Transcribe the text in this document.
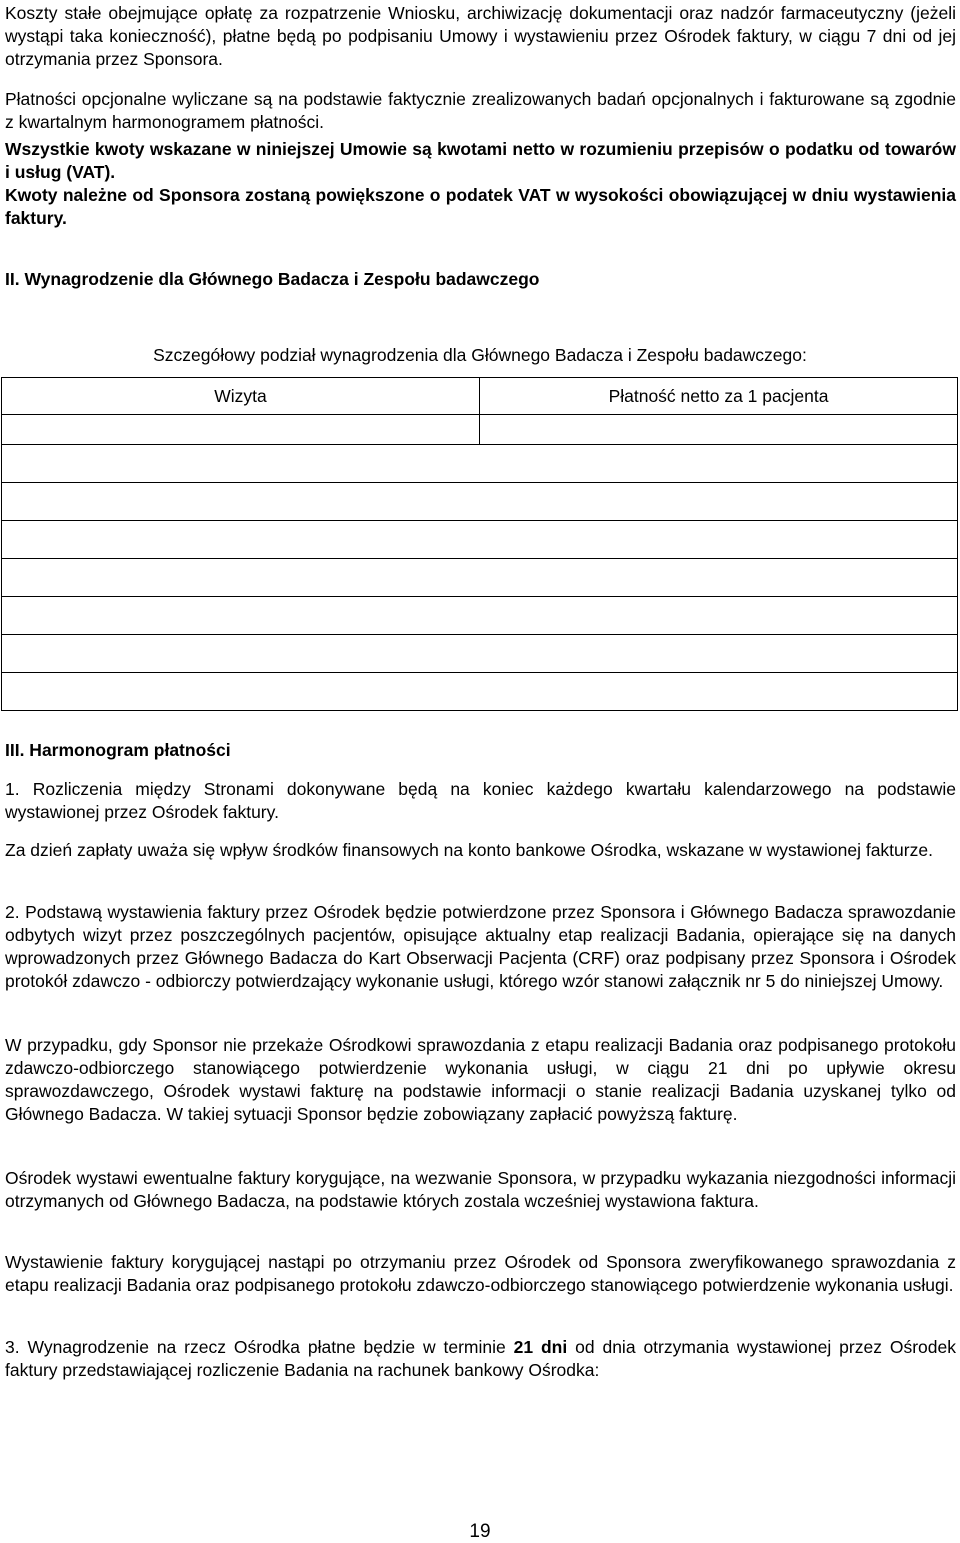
Koszty stałe obejmujące opłatę za rozpatrzenie Wniosku, archiwizację dokumentacji oraz nadzór farmaceutyczny (jeżeli wystąpi taka konieczność), płatne będą po podpisaniu Umowy i wystawieniu przez Ośrodek faktury, w ciągu 7 dni od jej otrzymania przez Sponsora.

Płatności opcjonalne wyliczane są na podstawie faktycznie zrealizowanych badań opcjonalnych i fakturowane są zgodnie z kwartalnym harmonogramem płatności.

Wszystkie kwoty wskazane w niniejszej Umowie są kwotami netto w rozumieniu przepisów o podatku od towarów i usług (VAT).

Kwoty należne od Sponsora zostaną powiększone o podatek VAT w wysokości obowiązującej w dniu wystawienia faktury.

II. Wynagrodzenie dla Głównego Badacza i Zespołu badawczego

Szczegółowy podział wynagrodzenia dla Głównego Badacza i Zespołu badawczego:

Wizyta	Płatność netto za 1 pacjenta

III. Harmonogram płatności

1. Rozliczenia między Stronami dokonywane będą na koniec każdego kwartału kalendarzowego na podstawie wystawionej przez Ośrodek faktury.

Za dzień zapłaty uważa się wpływ środków finansowych na konto bankowe Ośrodka, wskazane w wystawionej fakturze.

2. Podstawą wystawienia faktury przez Ośrodek będzie potwierdzone przez Sponsora i Głównego Badacza sprawozdanie odbytych wizyt przez poszczególnych pacjentów, opisujące aktualny etap realizacji Badania, opierające się na danych wprowadzonych przez Głównego Badacza do Kart Obserwacji Pacjenta (CRF) oraz podpisany przez Sponsora i Ośrodek protokół zdawczo - odbiorczy potwierdzający wykonanie usługi, którego wzór stanowi załącznik nr 5 do niniejszej Umowy.

W przypadku, gdy Sponsor nie przekaże Ośrodkowi sprawozdania z etapu realizacji Badania oraz podpisanego protokołu zdawczo-odbiorczego stanowiącego potwierdzenie wykonania usługi, w ciągu 21 dni po upływie okresu sprawozdawczego, Ośrodek wystawi fakturę na podstawie informacji o stanie realizacji Badania uzyskanej tylko od Głównego Badacza. W takiej sytuacji Sponsor będzie zobowiązany zapłacić powyższą fakturę.

Ośrodek wystawi ewentualne faktury korygujące, na wezwanie Sponsora, w przypadku wykazania niezgodności informacji otrzymanych od Głównego Badacza, na podstawie których zostala wcześniej wystawiona faktura.

Wystawienie faktury korygującej nastąpi po otrzymaniu przez Ośrodek od Sponsora zweryfikowanego sprawozdania z etapu realizacji Badania oraz podpisanego protokołu zdawczo-odbiorczego stanowiącego potwierdzenie wykonania usługi.

3. Wynagrodzenie na rzecz Ośrodka płatne będzie w terminie 21 dni od dnia otrzymania wystawionej przez Ośrodek faktury przedstawiającej rozliczenie Badania na rachunek bankowy Ośrodka:

19
